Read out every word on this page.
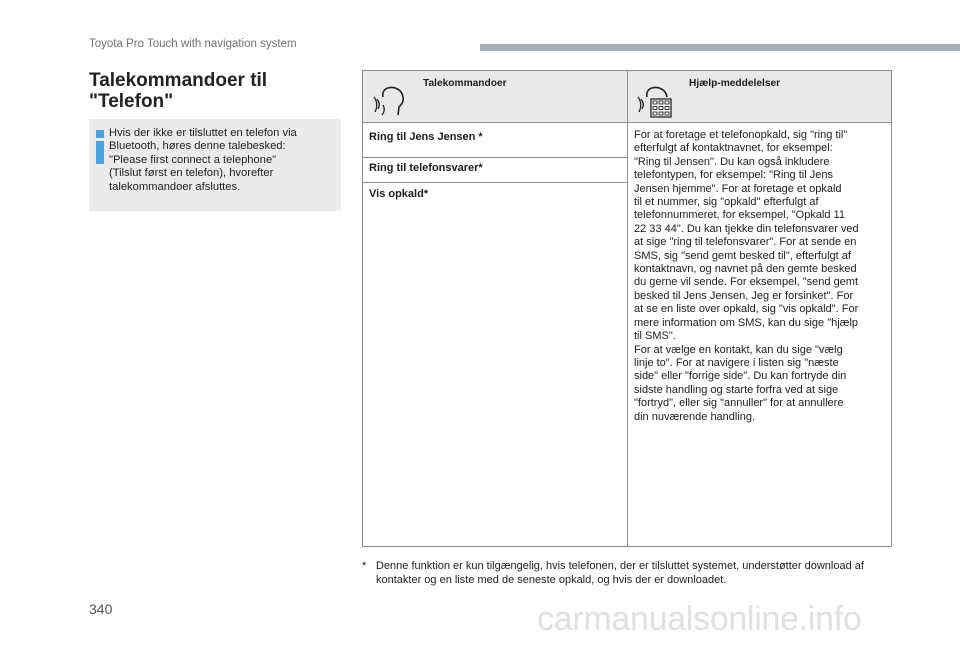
Toyota Pro Touch with navigation system
Talekommandoer til "Telefon"
Hvis der ikke er tilsluttet en telefon via
Bluetooth, høres denne talebesked:
"Please first connect a telephone"
(Tilslut først en telefon), hvorefter
talekommandoer afsluttes.
Talekommandoer	Hjælp-meddelelser
Ring til Jens Jensen *
Ring til telefonsvarer*
Vis opkald*
For at foretage et telefonopkald, sig "ring til"
efterfulgt af kontaktnavnet, for eksempel:
"Ring til Jensen". Du kan også inkludere
telefontypen, for eksempel: "Ring til Jens
Jensen hjemme". For at foretage et opkald
til et nummer, sig "opkald" efterfulgt af
telefonnummeret, for eksempel, "Opkald 11
22 33 44". Du kan tjekke din telefonsvarer ved
at sige "ring til telefonsvarer". For at sende en
SMS, sig "send gemt besked til", efterfulgt af
kontaktnavn, og navnet på den gemte besked
du gerne vil sende. For eksempel, "send gemt
besked til Jens Jensen, Jeg er forsinket". For
at se en liste over opkald, sig "vis opkald". For
mere information om SMS, kan du sige "hjælp
til SMS".
For at vælge en kontakt, kan du sige "vælg
linje to". For at navigere i listen sig "næste
side" eller "forrige side". Du kan fortryde din
sidste handling og starte forfra ved at sige
"fortryd", eller sig "annuller" for at annullere
din nuværende handling.
* Denne funktion er kun tilgængelig, hvis telefonen, der er tilsluttet systemet, understøtter download af kontakter og en liste med de seneste opkald, og hvis der er downloadet.
340	carmanualsonline.info
